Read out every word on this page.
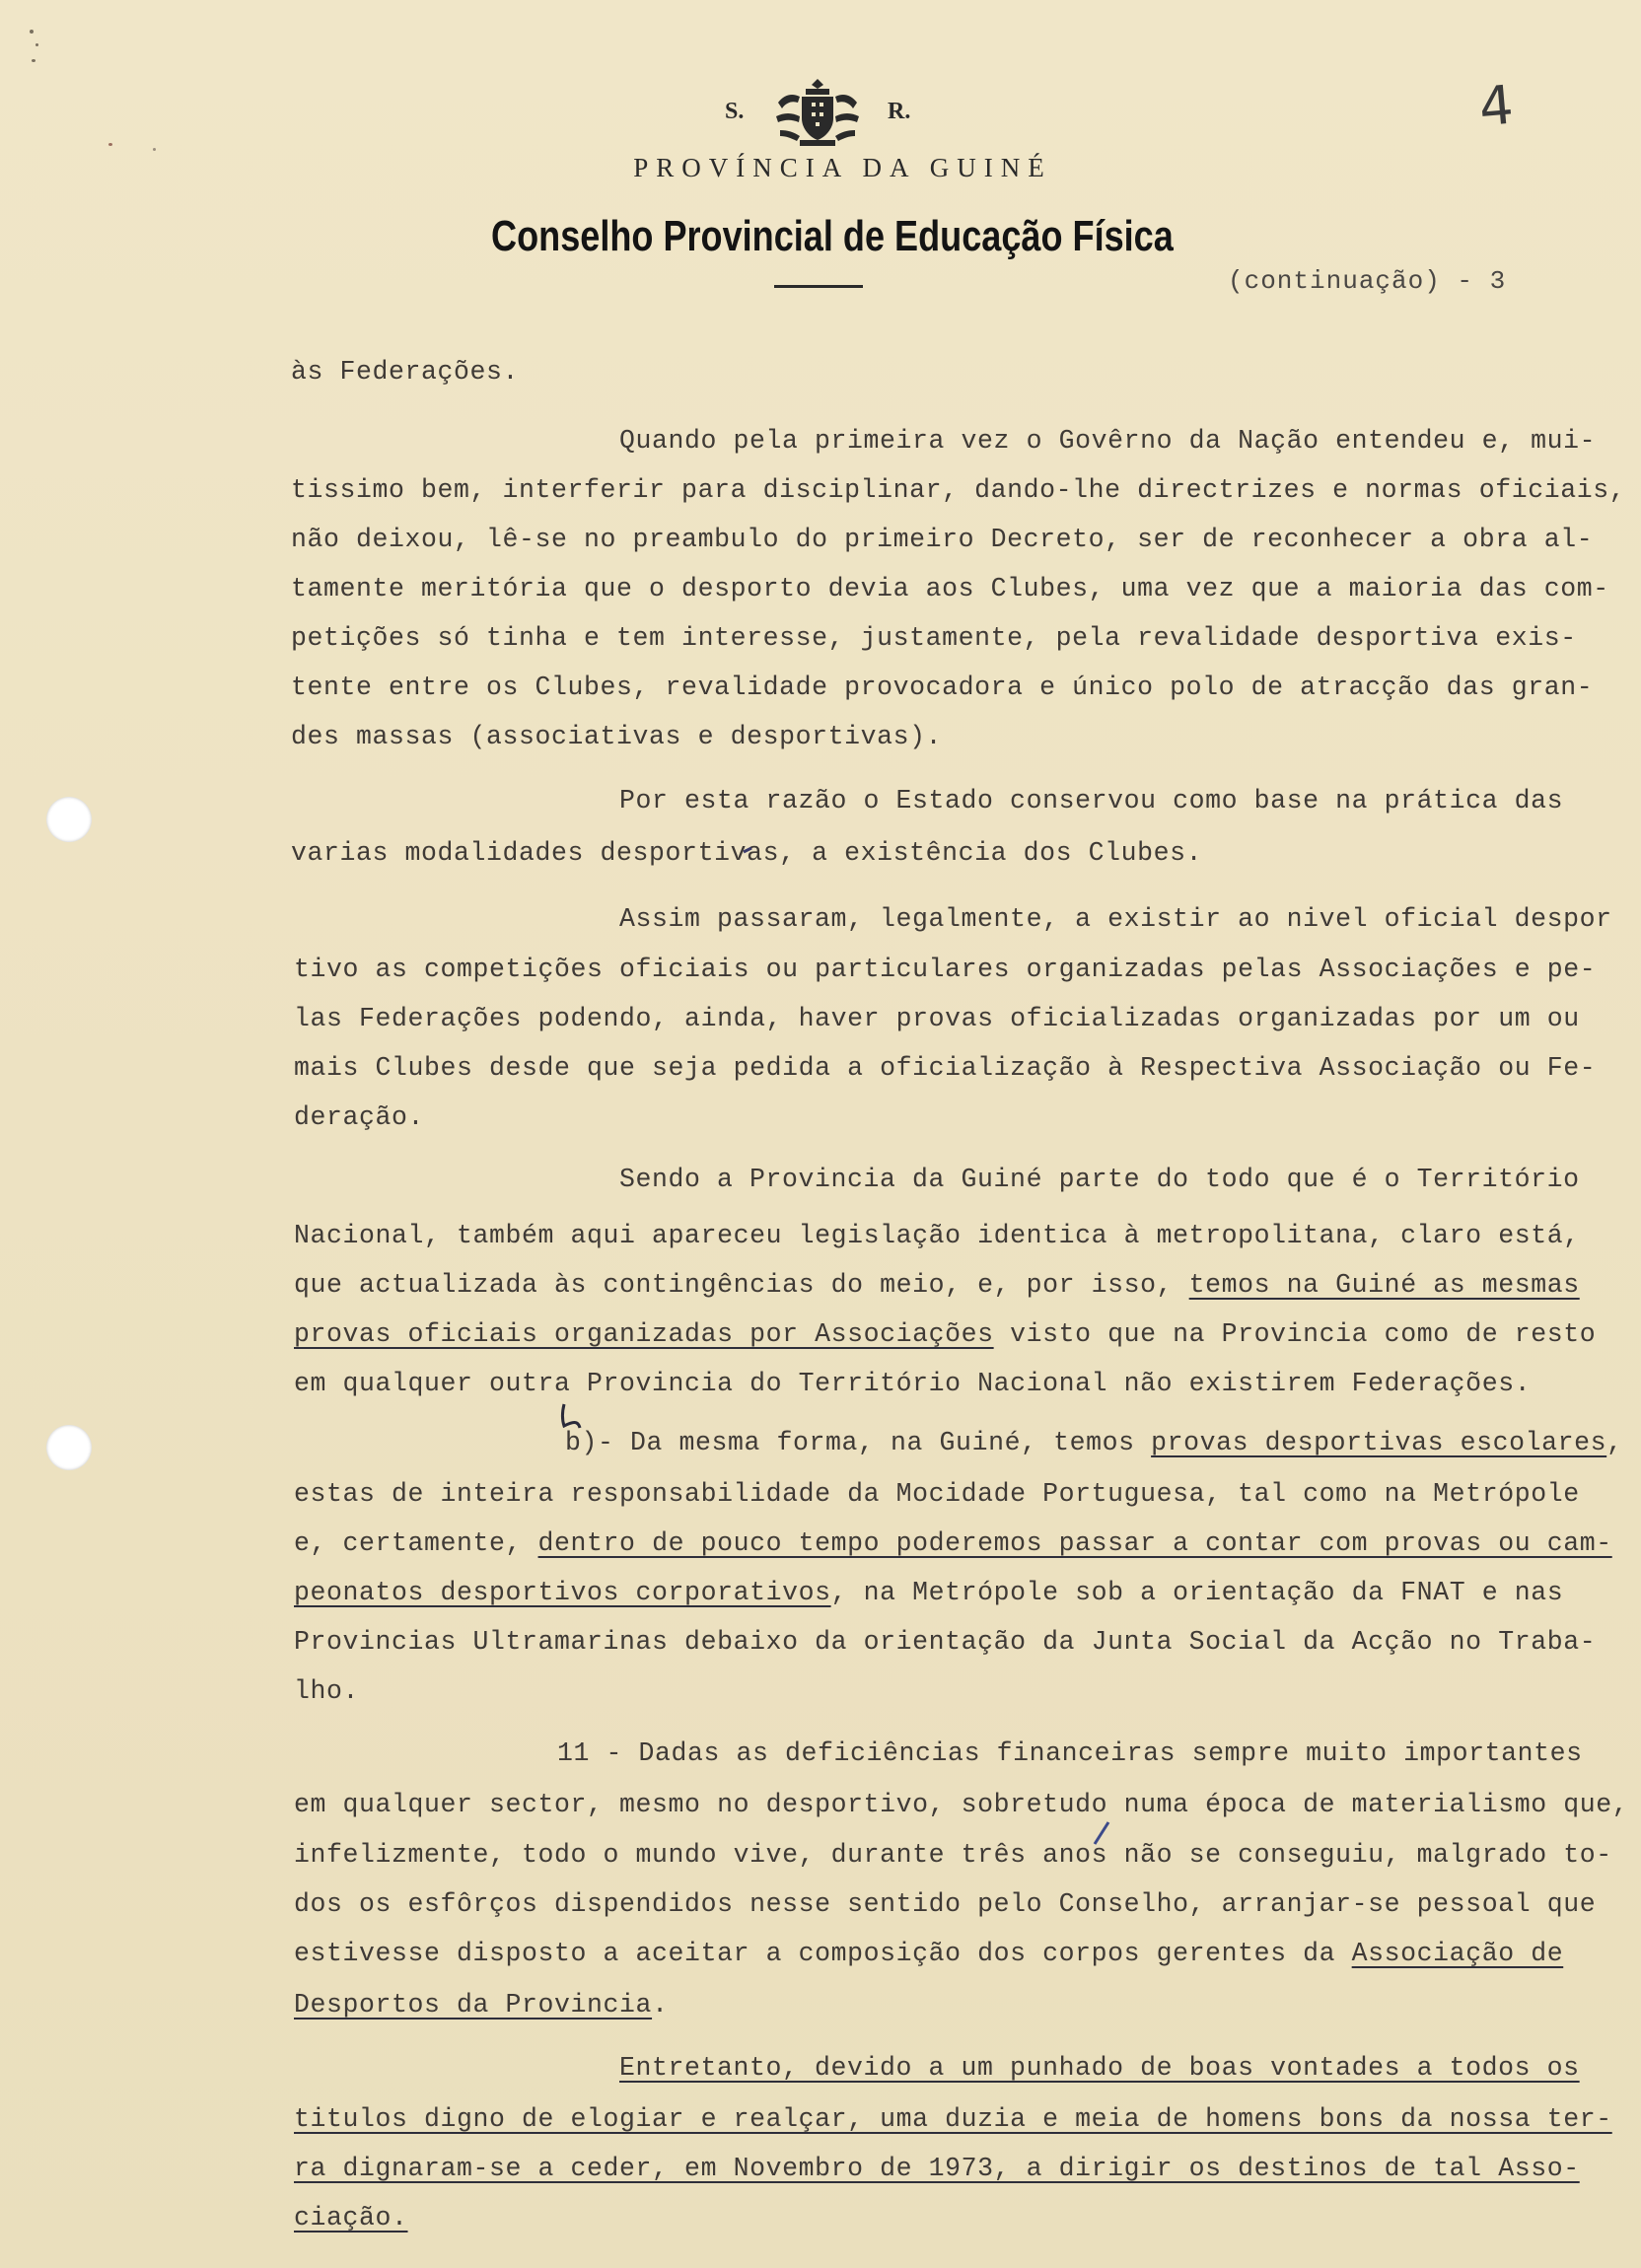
S.	R.
PROVÍNCIA DA GUINÉ
Conselho Provincial de Educação Física
4
(continuação) - 3
às Federações.
Quando pela primeira vez o Govêrno da Nação entendeu e, mui-
tissimo bem, interferir para disciplinar, dando-lhe directrizes e normas oficiais,
não deixou, lê-se no preambulo do primeiro Decreto, ser de reconhecer a obra al-
tamente meritória que o desporto devia aos Clubes, uma vez que a maioria das com-
petições só tinha e tem interesse, justamente, pela revalidade desportiva exis-
tente entre os Clubes, revalidade provocadora e único polo de atracção das gran-
des massas (associativas e desportivas).
Por esta razão o Estado conservou como base na prática das
varias modalidades desportivas, a existência dos Clubes.
Assim passaram, legalmente, a existir ao nivel oficial despor
tivo as competições oficiais ou particulares organizadas pelas Associações e pe-
las Federações podendo, ainda, haver provas oficializadas organizadas por um ou
mais Clubes desde que seja pedida a oficialização à Respectiva Associação ou Fe-
deração.
Sendo a Provincia da Guiné parte do todo que é o Território
Nacional, também aqui apareceu legislação identica à metropolitana, claro está,
que actualizada às contingências do meio, e, por isso, temos na Guiné as mesmas
provas oficiais organizadas por Associações visto que na Provincia como de resto
em qualquer outra Provincia do Território Nacional não existirem Federações.
b)- Da mesma forma, na Guiné, temos provas desportivas escolares,
estas de inteira responsabilidade da Mocidade Portuguesa, tal como na Metrópole
e, certamente, dentro de pouco tempo poderemos passar a contar com provas ou cam-
peonatos desportivos corporativos, na Metrópole sob a orientação da FNAT e nas
Provincias Ultramarinas debaixo da orientação da Junta Social da Acção no Traba-
lho.
11 - Dadas as deficiências financeiras sempre muito importantes
em qualquer sector, mesmo no desportivo, sobretudo numa época de materialismo que,
infelizmente, todo o mundo vive, durante três anos não se conseguiu, malgrado to-
dos os esfôrços dispendidos nesse sentido pelo Conselho, arranjar-se pessoal que
estivesse disposto a aceitar a composição dos corpos gerentes da Associação de
Desportos da Provincia.
Entretanto, devido a um punhado de boas vontades a todos os
titulos digno de elogiar e realçar, uma duzia e meia de homens bons da nossa ter-
ra dignaram-se a ceder, em Novembro de 1973, a dirigir os destinos de tal Asso-
ciação.
